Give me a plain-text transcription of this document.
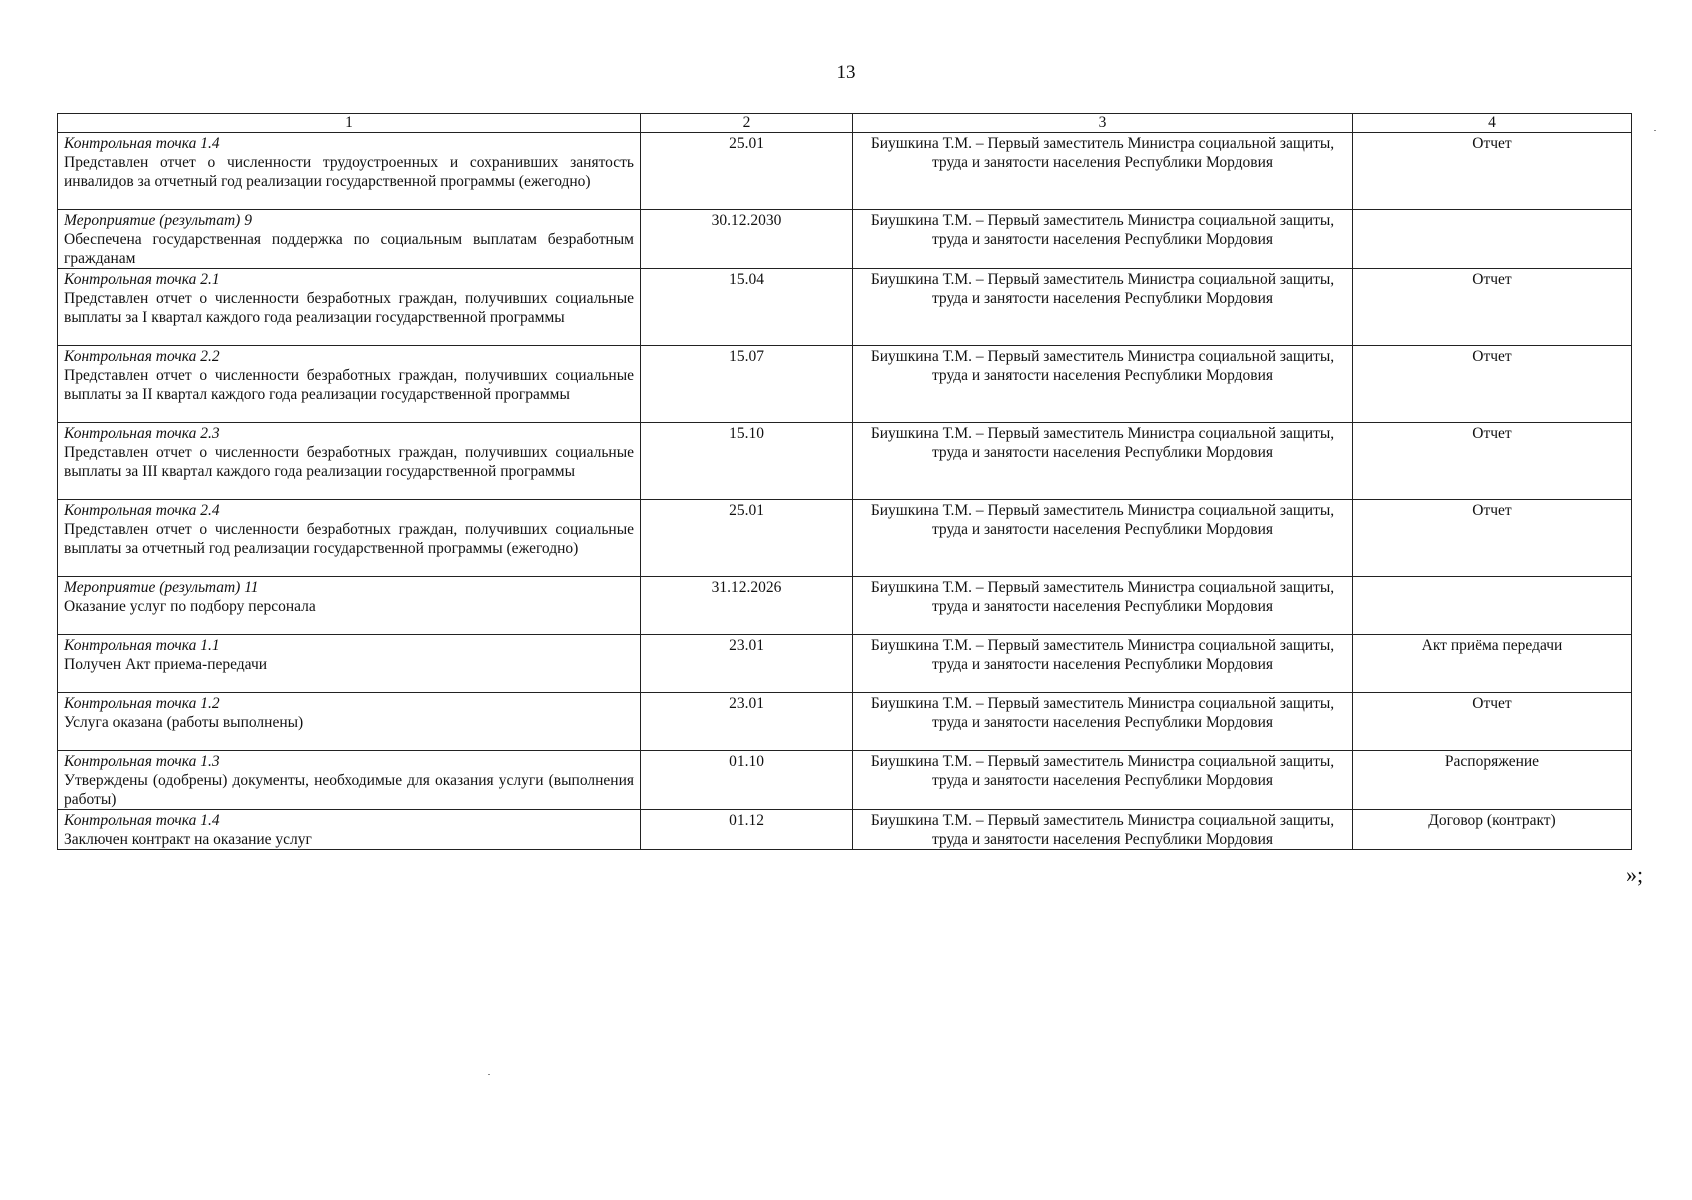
13
1	2	3	4

Контрольная точка 1.4
Представлен отчет о численности трудоустроенных и сохранивших занятость инвалидов за отчетный год реализации государственной программы (ежегодно)	25.01	Биушкина Т.М. – Первый заместитель Министра социальной защиты, труда и занятости населения Республики Мордовия	Отчет

Мероприятие (результат) 9
Обеспечена государственная поддержка по социальным выплатам безработным гражданам	30.12.2030	Биушкина Т.М. – Первый заместитель Министра социальной защиты, труда и занятости населения Республики Мордовия	

Контрольная точка 2.1
Представлен отчет о численности безработных граждан, получивших социальные выплаты за I квартал каждого года реализации государственной программы	15.04	Биушкина Т.М. – Первый заместитель Министра социальной защиты, труда и занятости населения Республики Мордовия	Отчет

Контрольная точка 2.2
Представлен отчет о численности безработных граждан, получивших социальные выплаты за II квартал каждого года реализации государственной программы	15.07	Биушкина Т.М. – Первый заместитель Министра социальной защиты, труда и занятости населения Республики Мордовия	Отчет

Контрольная точка 2.3
Представлен отчет о численности безработных граждан, получивших социальные выплаты за III квартал каждого года реализации государственной программы	15.10	Биушкина Т.М. – Первый заместитель Министра социальной защиты, труда и занятости населения Республики Мордовия	Отчет

Контрольная точка 2.4
Представлен отчет о численности безработных граждан, получивших социальные выплаты за отчетный год реализации государственной программы (ежегодно)	25.01	Биушкина Т.М. – Первый заместитель Министра социальной защиты, труда и занятости населения Республики Мордовия	Отчет

Мероприятие (результат) 11
Оказание услуг по подбору персонала	31.12.2026	Биушкина Т.М. – Первый заместитель Министра социальной защиты, труда и занятости населения Республики Мордовия	

Контрольная точка 1.1
Получен Акт приема-передачи	23.01	Биушкина Т.М. – Первый заместитель Министра социальной защиты, труда и занятости населения Республики Мордовия	Акт приёма передачи

Контрольная точка 1.2
Услуга оказана (работы выполнены)	23.01	Биушкина Т.М. – Первый заместитель Министра социальной защиты, труда и занятости населения Республики Мордовия	Отчет

Контрольная точка 1.3
Утверждены (одобрены) документы, необходимые для оказания услуги (выполнения работы)	01.10	Биушкина Т.М. – Первый заместитель Министра социальной защиты, труда и занятости населения Республики Мордовия	Распоряжение

Контрольная точка 1.4
Заключен контракт на оказание услуг	01.12	Биушкина Т.М. – Первый заместитель Министра социальной защиты, труда и занятости населения Республики Мордовия	Договор (контракт)
»;
